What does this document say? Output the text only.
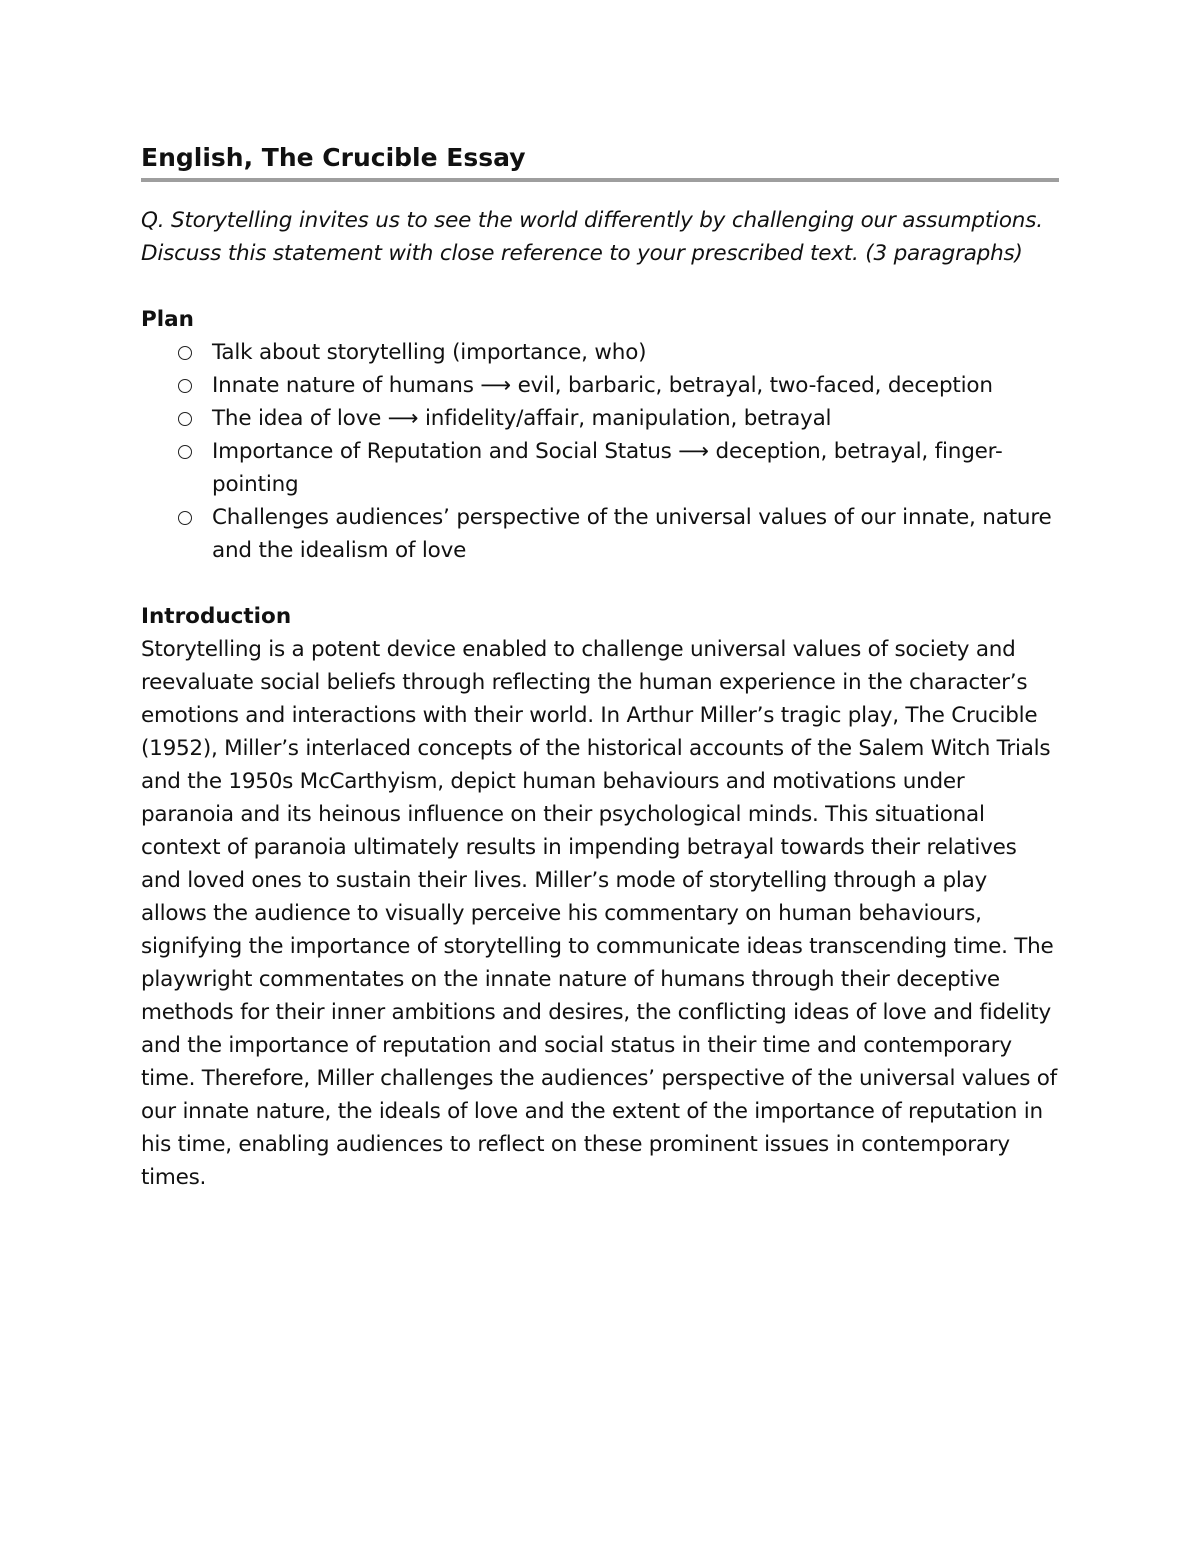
English, The Crucible Essay

Q. Storytelling invites us to see the world differently by challenging our assumptions. Discuss this statement with close reference to your prescribed text. (3 paragraphs)

Plan
Talk about storytelling (importance, who)
Innate nature of humans ⟶ evil, barbaric, betrayal, two-faced, deception
The idea of love ⟶ infidelity/affair, manipulation, betrayal
Importance of Reputation and Social Status ⟶ deception, betrayal, finger-pointing
Challenges audiences’ perspective of the universal values of our innate, nature and the idealism of love
Introduction

Storytelling is a potent device enabled to challenge universal values of society and reevaluate social beliefs through reflecting the human experience in the character’s emotions and interactions with their world. In Arthur Miller’s tragic play, The Crucible (1952), Miller’s interlaced concepts of the historical accounts of the Salem Witch Trials and the 1950s McCarthyism, depict human behaviours and motivations under paranoia and its heinous influence on their psychological minds. This situational context of paranoia ultimately results in impending betrayal towards their relatives and loved ones to sustain their lives. Miller’s mode of storytelling through a play allows the audience to visually perceive his commentary on human behaviours, signifying the importance of storytelling to communicate ideas transcending time. The playwright commentates on the innate nature of humans through their deceptive methods for their inner ambitions and desires, the conflicting ideas of love and fidelity and the importance of reputation and social status in their time and contemporary time. Therefore, Miller challenges the audiences’ perspective of the universal values of our innate nature, the ideals of love and the extent of the importance of reputation in his time, enabling audiences to reflect on these prominent issues in contemporary times.
